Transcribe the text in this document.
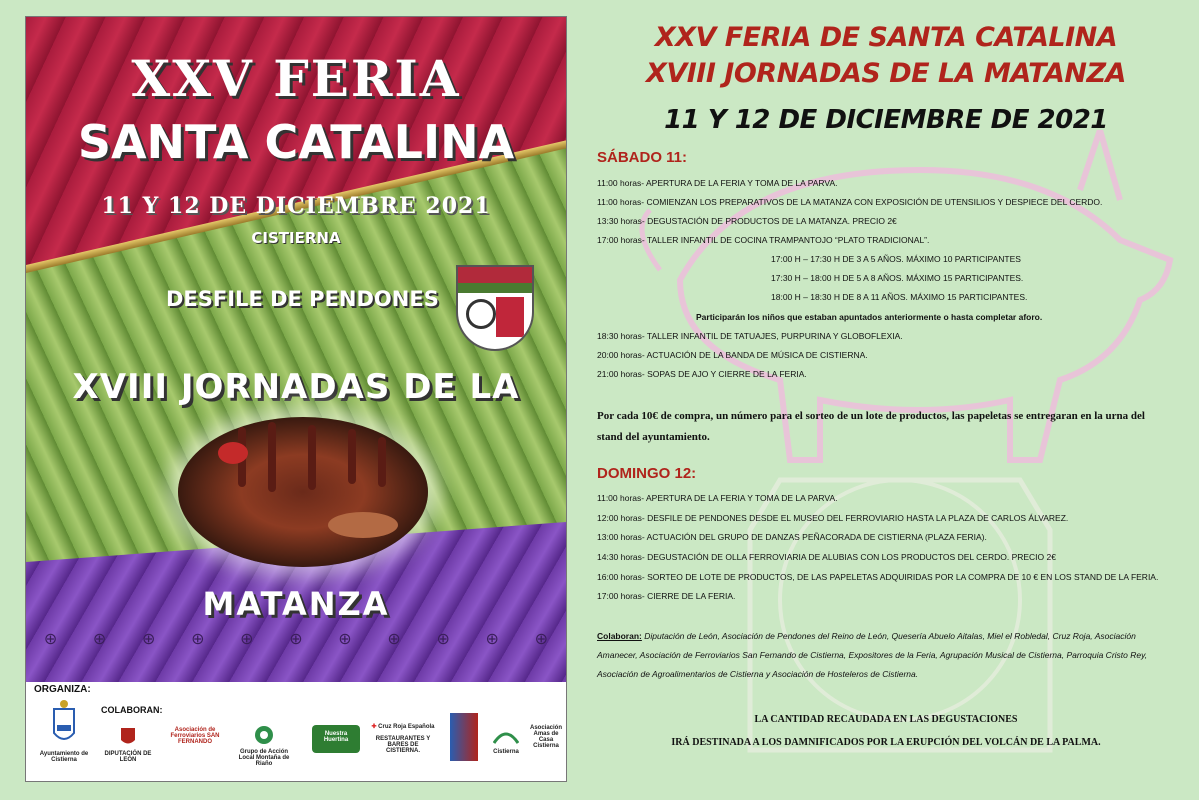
XXV FERIA
SANTA CATALINA
11 Y 12 DE DICIEMBRE 2021
CISTIERNA
DESFILE DE PENDONES
XVIII JORNADAS DE LA
MATANZA
⊕ ⊕ ⊕ ⊕ ⊕ ⊕ ⊕ ⊕ ⊕ ⊕ ⊕
ORGANIZA:
COLABORAN:
Ayuntamiento de Cistierna
DIPUTACIÓN DE LEÓN
Asociación de Ferroviarios SAN FERNANDO
Grupo de Acción Local Montaña de Riaño
Nuestra Huertina
✚ Cruz Roja Española
RESTAURANTES Y BARES DE CISTIERNA.	Cistierna
Asociación Amas de Casa Cistierna
XXV FERIA DE SANTA CATALINA
XVIII JORNADAS DE LA MATANZA
11 Y 12 DE DICIEMBRE DE 2021
SÁBADO 11:
11:00 horas- APERTURA DE LA FERIA Y TOMA DE LA PARVA.
11:00 horas- COMIENZAN LOS PREPARATIVOS DE LA MATANZA CON EXPOSICIÓN DE UTENSILIOS Y DESPIECE DEL CERDO.
13:30 horas- DEGUSTACIÓN DE PRODUCTOS DE LA MATANZA. PRECIO 2€
17:00 horas- TALLER INFANTIL DE COCINA TRAMPANTOJO “PLATO TRADICIONAL”.
17:00 H – 17:30 H DE 3 A 5 AÑOS. MÁXIMO 10 PARTICIPANTES
17:30 H – 18:00 H DE 5 A 8 AÑOS. MÁXIMO 15 PARTICIPANTES.
18:00 H – 18:30 H DE 8 A 11 AÑOS. MÁXIMO 15 PARTICIPANTES.
Participarán los niños que estaban apuntados anteriormente o hasta completar aforo.
18:30 horas- TALLER INFANTIL DE TATUAJES, PURPURINA Y GLOBOFLEXIA.
20:00 horas- ACTUACIÓN DE LA BANDA DE MÚSICA DE CISTIERNA.
21:00 horas- SOPAS DE AJO Y CIERRE DE LA FERIA.
Por cada 10€ de compra, un número para el sorteo de un lote de productos, las papeletas se entregaran en la urna del stand del ayuntamiento.
DOMINGO 12:
11:00 horas- APERTURA DE LA FERIA Y TOMA DE LA PARVA.
12:00 horas- DESFILE DE PENDONES DESDE EL MUSEO DEL FERROVIARIO HASTA LA PLAZA DE CARLOS ÁLVAREZ.
13:00 horas- ACTUACIÓN DEL GRUPO DE DANZAS PEÑACORADA DE CISTIERNA (PLAZA FERIA).
14:30 horas- DEGUSTACIÓN DE OLLA FERROVIARIA DE ALUBIAS CON LOS PRODUCTOS DEL CERDO. PRECIO 2€
16:00 horas- SORTEO DE LOTE DE PRODUCTOS, DE LAS PAPELETAS ADQUIRIDAS POR LA COMPRA DE 10 € EN LOS STAND DE LA FERIA.
17:00 horas- CIERRE DE LA FERIA.
Colaboran: Diputación de León, Asociación de Pendones del Reino de León, Quesería Abuelo Aitalas, Miel el Robledal, Cruz Roja, Asociación Amanecer, Asociación de Ferroviarios San Fernando de Cistierna, Expositores de la Feria, Agrupación Musical de Cistierna, Parroquia Cristo Rey, Asociación de Agroalimentarios de Cistierna y Asociación de Hosteleros de Cistierna.
LA CANTIDAD RECAUDADA EN LAS DEGUSTACIONES
IRÁ DESTINADA A LOS DAMNIFICADOS POR LA ERUPCIÓN DEL VOLCÁN DE LA PALMA.
